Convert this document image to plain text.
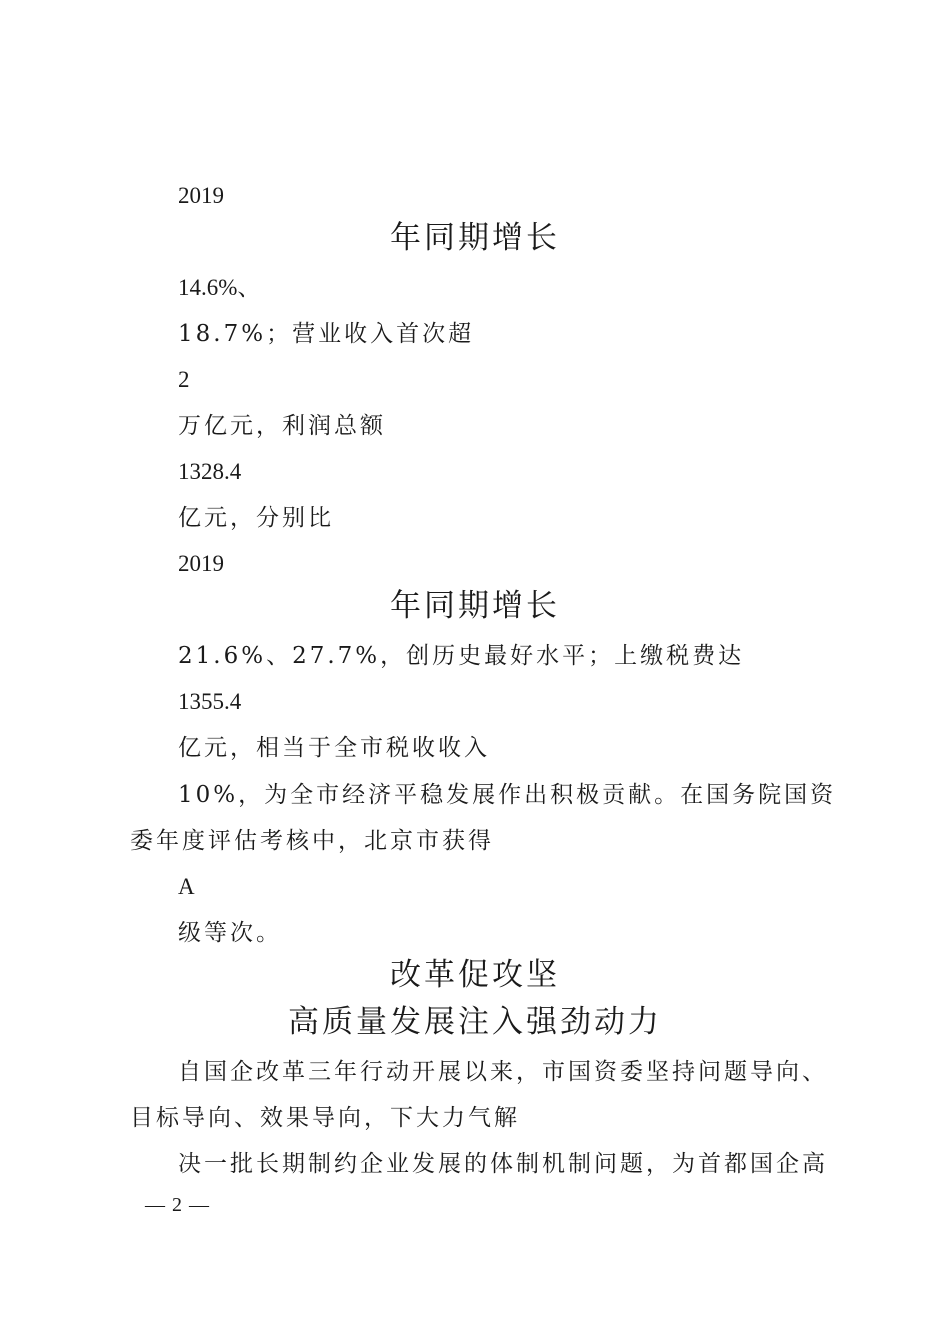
2019
年同期增长
14.6%、
18.7%；营业收入首次超
2
万亿元，利润总额
1328.4
亿元，分别比
2019
年同期增长
21.6%、27.7%，创历史最好水平；上缴税费达
1355.4
亿元，相当于全市税收收入
10%，为全市经济平稳发展作出积极贡献。在国务院国资
委年度评估考核中，北京市获得
A
级等次。
改革促攻坚
高质量发展注入强劲动力
自国企改革三年行动开展以来，市国资委坚持问题导向、
目标导向、效果导向，下大力气解
决一批长期制约企业发展的体制机制问题，为首都国企高
— 2 —
